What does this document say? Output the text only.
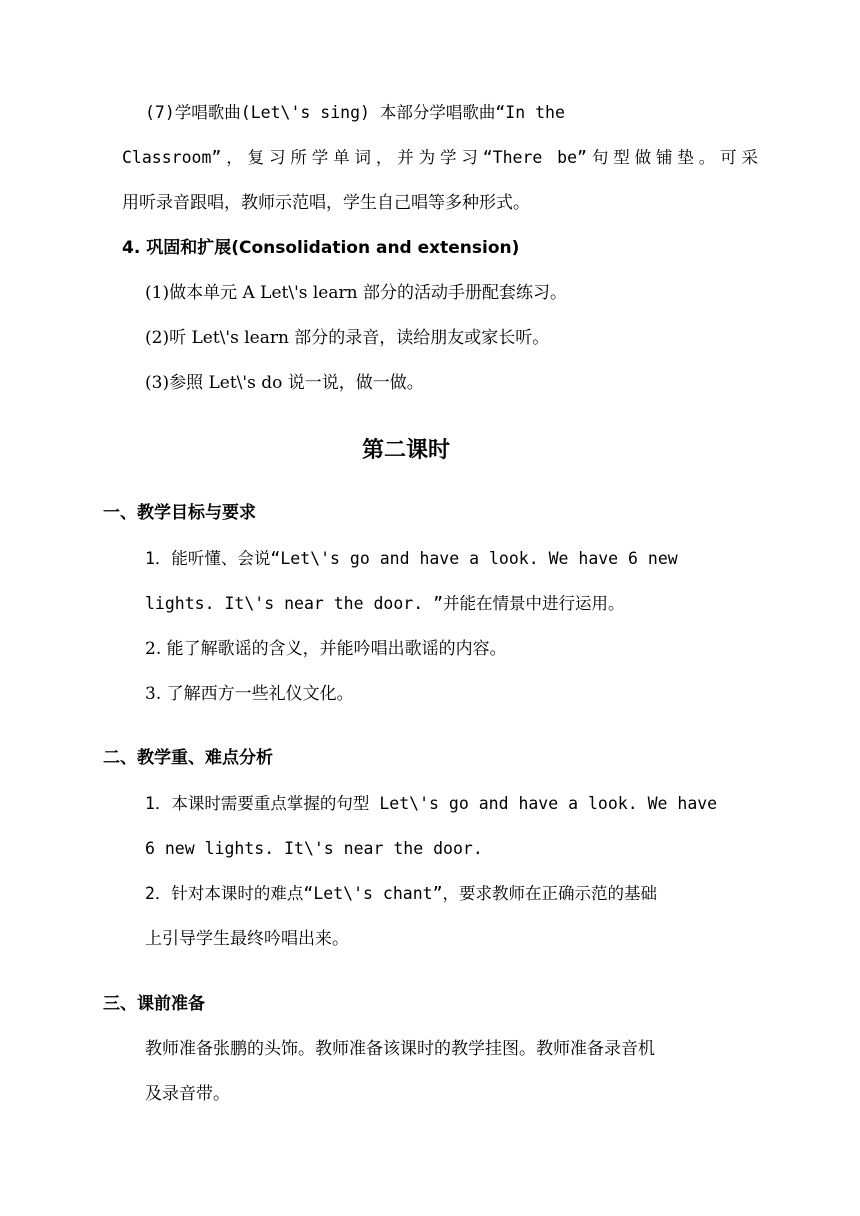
(7)学唱歌曲(Let\'s sing) 本部分学唱歌曲“In the
Classroom”，复习所学单词，并为学习“There be”句型做铺垫。可采
用听录音跟唱，教师示范唱，学生自己唱等多种形式。
4. 巩固和扩展(Consolidation and extension)
(1)做本单元 A Let\'s learn 部分的活动手册配套练习。
(2)听 Let\'s learn 部分的录音，读给朋友或家长听。
(3)参照 Let\'s do 说一说，做一做。
第二课时
一、教学目标与要求
1．能听懂、会说“Let\'s go and have a look. We have 6 new
lights. It\'s near the door. ”并能在情景中进行运用。
2. 能了解歌谣的含义，并能吟唱出歌谣的内容。
3. 了解西方一些礼仪文化。
二、教学重、难点分析
1．本课时需要重点掌握的句型 Let\'s go and have a look. We have
6 new lights. It\'s near the door.
2．针对本课时的难点“Let\'s chant”，要求教师在正确示范的基础
上引导学生最终吟唱出来。
三、课前准备
教师准备张鹏的头饰。教师准备该课时的教学挂图。教师准备录音机
及录音带。
